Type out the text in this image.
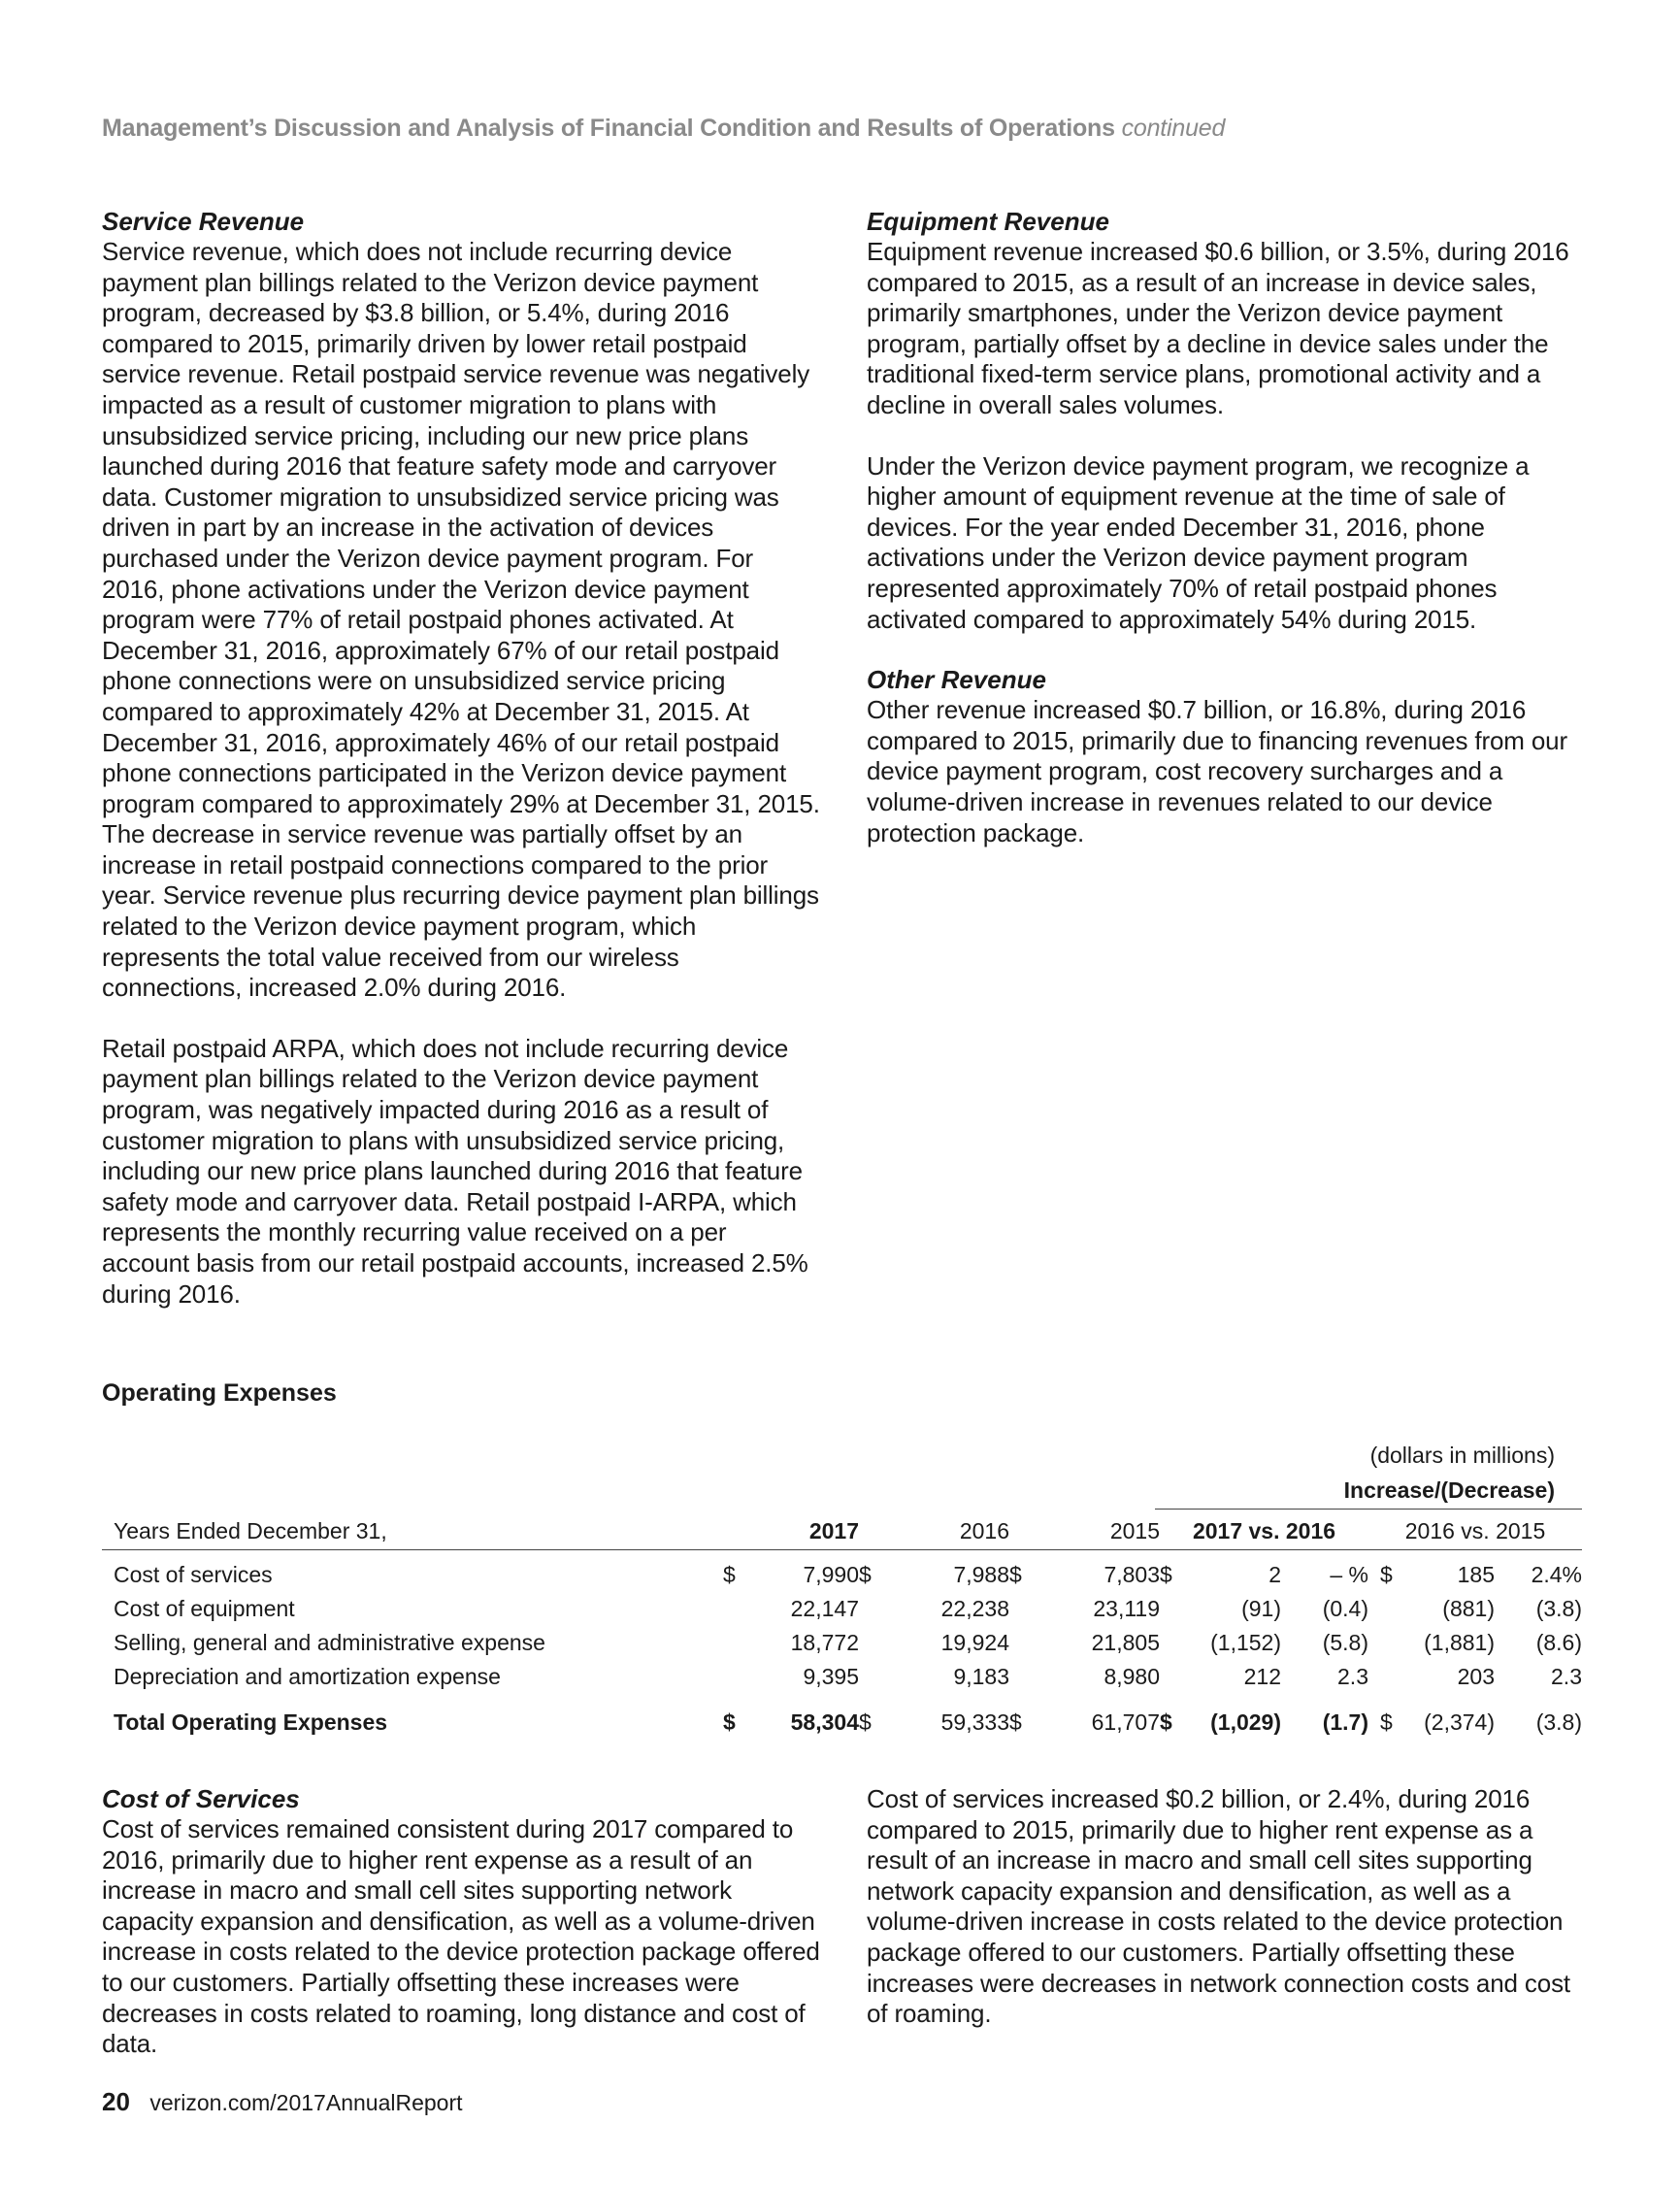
Management’s Discussion and Analysis of Financial Condition and Results of Operations continued

Service Revenue

Service revenue, which does not include recurring device payment plan billings related to the Verizon device payment program, decreased by $3.8 billion, or 5.4%, during 2016 compared to 2015, primarily driven by lower retail postpaid service revenue. Retail postpaid service revenue was negatively impacted as a result of customer migration to plans with unsubsidized service pricing, including our new price plans launched during 2016 that feature safety mode and carryover data. Customer migration to unsubsidized service pricing was driven in part by an increase in the activation of devices purchased under the Verizon device payment program. For 2016, phone activations under the Verizon device payment program were 77% of retail postpaid phones activated. At December 31, 2016, approximately 67% of our retail postpaid phone connections were on unsubsidized service pricing compared to approximately 42% at December 31, 2015. At December 31, 2016, approximately 46% of our retail postpaid phone connections participated in the Verizon device payment program compared to approximately 29% at December 31, 2015. The decrease in service revenue was partially offset by an increase in retail postpaid connections compared to the prior year. Service revenue plus recurring device payment plan billings related to the Verizon device payment program, which represents the total value received from our wireless connections, increased 2.0% during 2016.

Retail postpaid ARPA, which does not include recurring device payment plan billings related to the Verizon device payment program, was negatively impacted during 2016 as a result of customer migration to plans with unsubsidized service pricing, including our new price plans launched during 2016 that feature safety mode and carryover data. Retail postpaid I-ARPA, which represents the monthly recurring value received on a per account basis from our retail postpaid accounts, increased 2.5% during 2016.

Equipment Revenue

Equipment revenue increased $0.6 billion, or 3.5%, during 2016 compared to 2015, as a result of an increase in device sales, primarily smartphones, under the Verizon device payment program, partially offset by a decline in device sales under the traditional fixed-term service plans, promotional activity and a decline in overall sales volumes.

Under the Verizon device payment program, we recognize a higher amount of equipment revenue at the time of sale of devices. For the year ended December 31, 2016, phone activations under the Verizon device payment program represented approximately 70% of retail postpaid phones activated compared to approximately 54% during 2015.

Other Revenue

Other revenue increased $0.7 billion, or 16.8%, during 2016 compared to 2015, primarily due to financing revenues from our device payment program, cost recovery surcharges and a volume-driven increase in revenues related to our device protection package.

Operating Expenses
(dollars in millions)
Increase/(Decrease)
Years Ended December 31,		2017		2016		2015	2017 vs. 2016			2016 vs. 2015		
Cost of services	$	7,990	$	7,988	$	7,803	$	2	– %	$	185	2.4%
Cost of equipment		22,147		22,238		23,119		(91)	(0.4)		(881)	(3.8)
Selling, general and administrative expense		18,772		19,924		21,805		(1,152)	(5.8)		(1,881)	(8.6)
Depreciation and amortization expense		9,395		9,183		8,980		212	2.3		203	2.3
Total Operating Expenses	$	58,304	$	59,333	$	61,707	$	(1,029)	(1.7)	$	(2,374)	(3.8)

Cost of Services

Cost of services remained consistent during 2017 compared to 2016, primarily due to higher rent expense as a result of an increase in macro and small cell sites supporting network capacity expansion and densification, as well as a volume-driven increase in costs related to the device protection package offered to our customers. Partially offsetting these increases were decreases in costs related to roaming, long distance and cost of data.

Cost of services increased $0.2 billion, or 2.4%, during 2016 compared to 2015, primarily due to higher rent expense as a result of an increase in macro and small cell sites supporting network capacity expansion and densification, as well as a volume-driven increase in costs related to the device protection package offered to our customers. Partially offsetting these increases were decreases in network connection costs and cost of roaming.

20 verizon.com/2017AnnualReport
